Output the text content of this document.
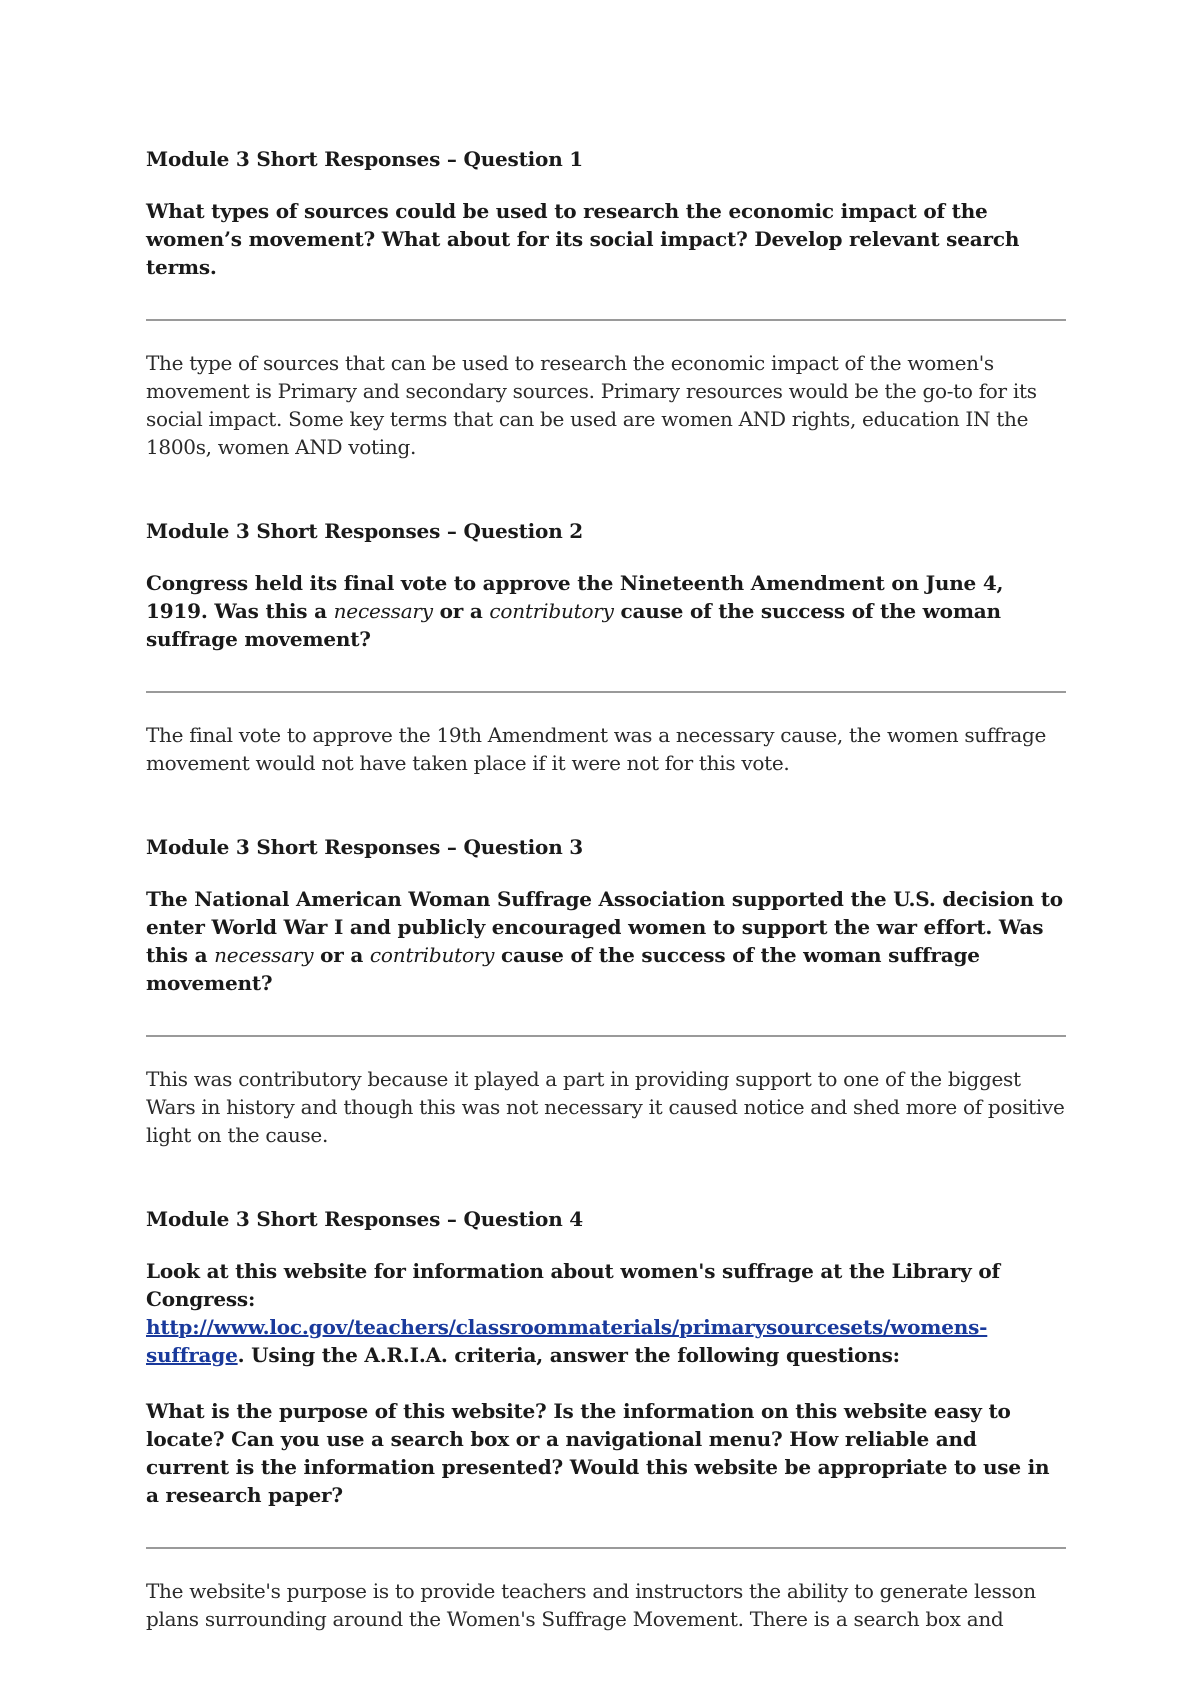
Module 3 Short Responses – Question 1

What types of sources could be used to research the economic impact of the women’s movement? What about for its social impact? Develop relevant search terms.

The type of sources that can be used to research the economic impact of the women's movement is Primary and secondary sources. Primary resources would be the go-to for its social impact. Some key terms that can be used are women AND rights, education IN the 1800s, women AND voting.

Module 3 Short Responses – Question 2

Congress held its final vote to approve the Nineteenth Amendment on June 4, 1919. Was this a necessary or a contributory cause of the success of the woman suffrage movement?

The final vote to approve the 19th Amendment was a necessary cause, the women suffrage movement would not have taken place if it were not for this vote.

Module 3 Short Responses – Question 3

The National American Woman Suffrage Association supported the U.S. decision to enter World War I and publicly encouraged women to support the war effort. Was this a necessary or a contributory cause of the success of the woman suffrage movement?

This was contributory because it played a part in providing support to one of the biggest Wars in history and though this was not necessary it caused notice and shed more of positive light on the cause.

Module 3 Short Responses – Question 4

Look at this website for information about women's suffrage at the Library of Congress: http://www.loc.gov/teachers/classroommaterials/primarysourcesets/womens-suffrage. Using the A.R.I.A. criteria, answer the following questions:

What is the purpose of this website? Is the information on this website easy to locate? Can you use a search box or a navigational menu? How reliable and current is the information presented? Would this website be appropriate to use in a research paper?

The website's purpose is to provide teachers and instructors the ability to generate lesson plans surrounding around the Women's Suffrage Movement. There is a search box and
